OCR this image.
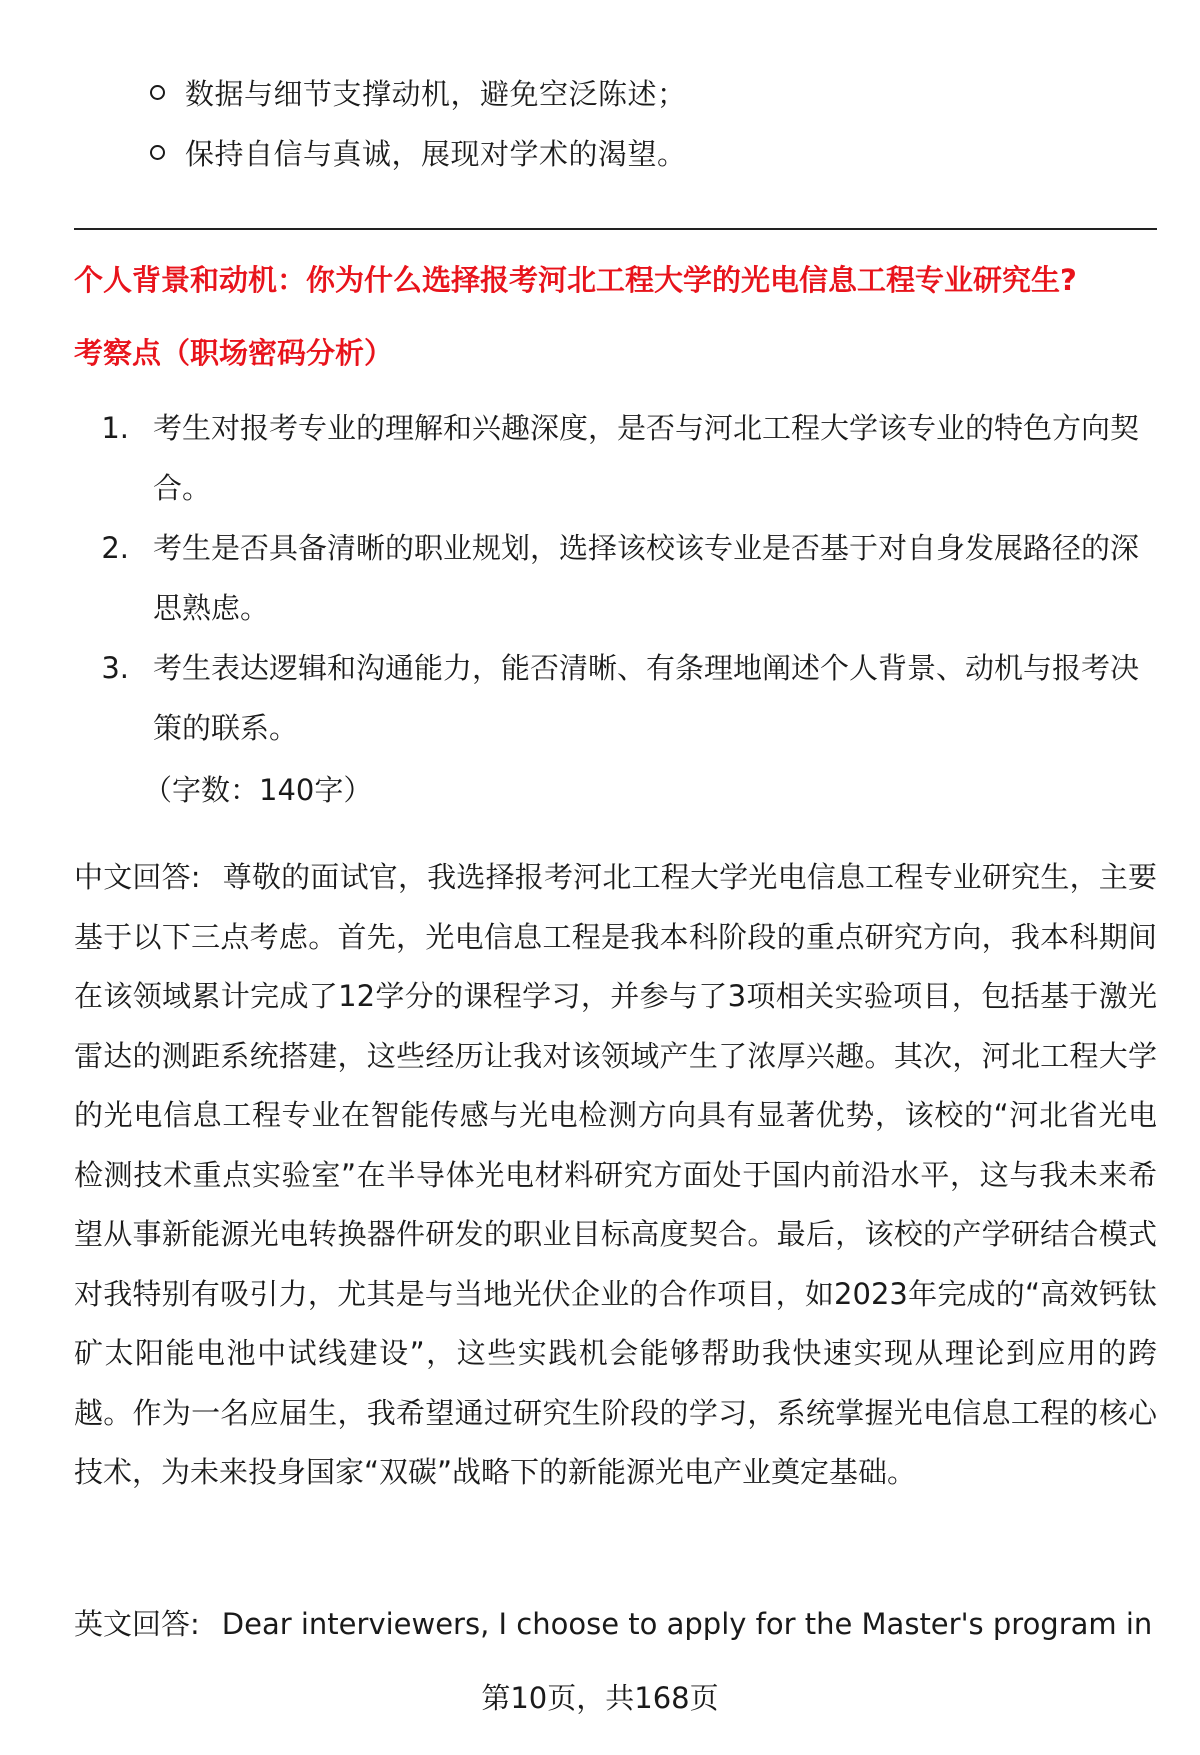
数据与细节支撑动机，避免空泛陈述；
保持自信与真诚，展现对学术的渴望。
个人背景和动机：你为什么选择报考河北工程大学的光电信息工程专业研究生?
考察点（职场密码分析）
1. 考生对报考专业的理解和兴趣深度，是否与河北工程大学该专业的特色方向契合。
2. 考生是否具备清晰的职业规划，选择该校该专业是否基于对自身发展路径的深思熟虑。
3. 考生表达逻辑和沟通能力，能否清晰、有条理地阐述个人背景、动机与报考决策的联系。
（字数：140字）
中文回答: 尊敬的面试官，我选择报考河北工程大学光电信息工程专业研究生，主要基于以下三点考虑。首先，光电信息工程是我本科阶段的重点研究方向，我本科期间在该领域累计完成了12学分的课程学习，并参与了3项相关实验项目，包括基于激光雷达的测距系统搭建，这些经历让我对该领域产生了浓厚兴趣。其次，河北工程大学的光电信息工程专业在智能传感与光电检测方向具有显著优势，该校的“河北省光电检测技术重点实验室”在半导体光电材料研究方面处于国内前沿水平，这与我未来希望从事新能源光电转换器件研发的职业目标高度契合。最后，该校的产学研结合模式对我特别有吸引力，尤其是与当地光伏企业的合作项目，如2023年完成的“高效钙钛矿太阳能电池中试线建设”，这些实践机会能够帮助我快速实现从理论到应用的跨越。作为一名应届生，我希望通过研究生阶段的学习，系统掌握光电信息工程的核心技术，为未来投身国家“双碳”战略下的新能源光电产业奠定基础。
英文回答: Dear interviewers, I choose to apply for the Master's program in
第10页，共168页
